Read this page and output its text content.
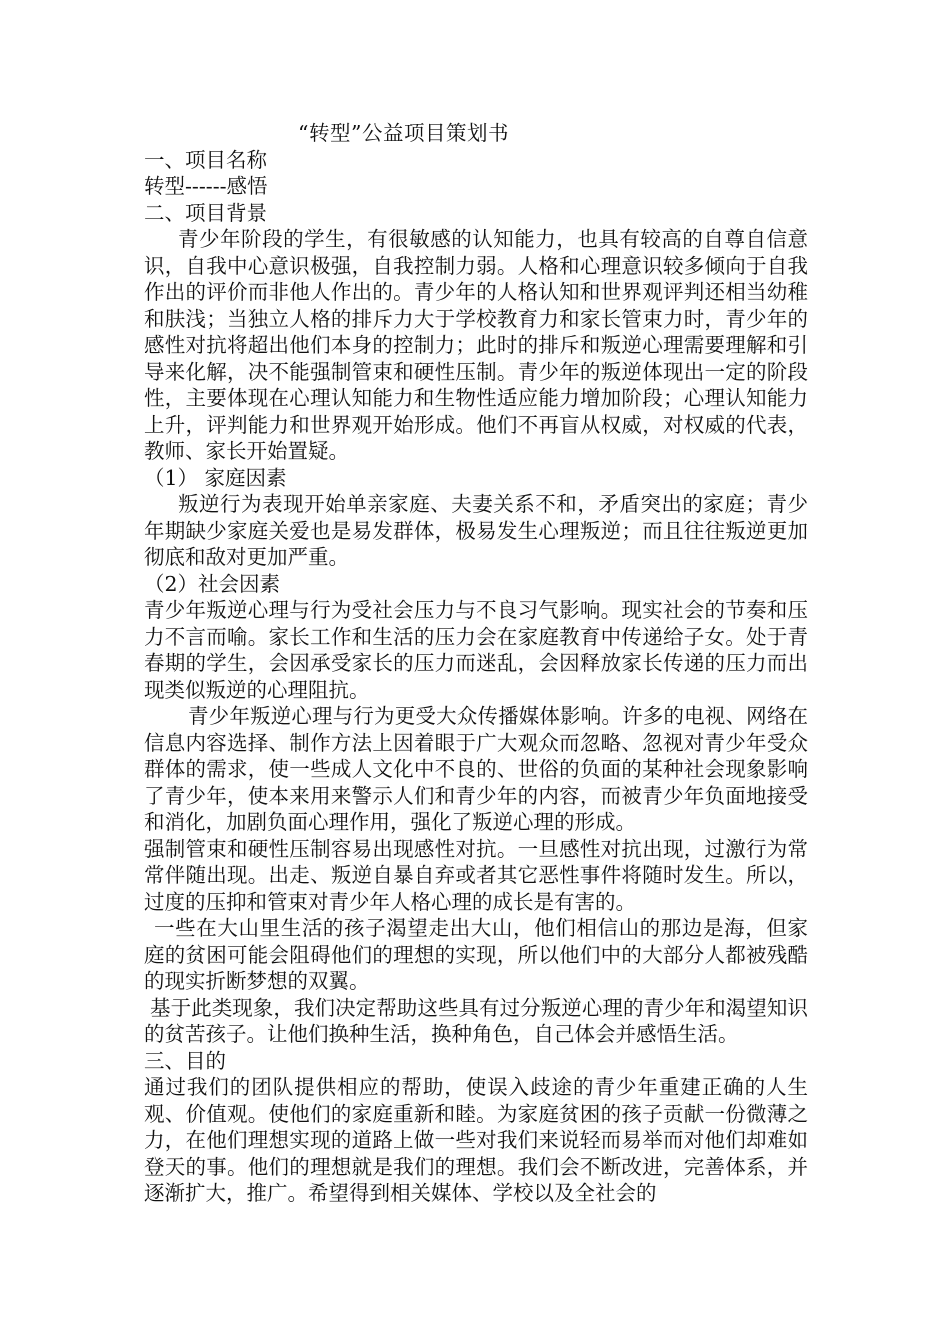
“转型”公益项目策划书
一、项目名称
转型------感悟
二、项目背景

青少年阶段的学生，有很敏感的认知能力，也具有较高的自尊自信意识，自我中心意识极强，自我控制力弱。人格和心理意识较多倾向于自我作出的评价而非他人作出的。青少年的人格认知和世界观评判还相当幼稚和肤浅；当独立人格的排斥力大于学校教育力和家长管束力时，青少年的感性对抗将超出他们本身的控制力；此时的排斥和叛逆心理需要理解和引导来化解，决不能强制管束和硬性压制。青少年的叛逆体现出一定的阶段性，主要体现在心理认知能力和生物性适应能力增加阶段；心理认知能力上升，评判能力和世界观开始形成。他们不再盲从权威，对权威的代表，教师、家长开始置疑。

（1） 家庭因素

叛逆行为表现开始单亲家庭、夫妻关系不和，矛盾突出的家庭；青少年期缺少家庭关爱也是易发群体，极易发生心理叛逆；而且往往叛逆更加彻底和敌对更加严重。

（2）社会因素

青少年叛逆心理与行为受社会压力与不良习气影响。现实社会的节奏和压力不言而喻。家长工作和生活的压力会在家庭教育中传递给子女。处于青春期的学生，会因承受家长的压力而迷乱，会因释放家长传递的压力而出现类似叛逆的心理阻抗。

青少年叛逆心理与行为更受大众传播媒体影响。许多的电视、网络在信息内容选择、制作方法上因着眼于广大观众而忽略、忽视对青少年受众群体的需求，使一些成人文化中不良的、世俗的负面的某种社会现象影响了青少年，使本来用来警示人们和青少年的内容，而被青少年负面地接受和消化，加剧负面心理作用，强化了叛逆心理的形成。

强制管束和硬性压制容易出现感性对抗。一旦感性对抗出现，过激行为常常伴随出现。出走、叛逆自暴自弃或者其它恶性事件将随时发生。所以，过度的压抑和管束对青少年人格心理的成长是有害的。

一些在大山里生活的孩子渴望走出大山，他们相信山的那边是海，但家庭的贫困可能会阻碍他们的理想的实现，所以他们中的大部分人都被残酷的现实折断梦想的双翼。

基于此类现象，我们决定帮助这些具有过分叛逆心理的青少年和渴望知识的贫苦孩子。让他们换种生活，换种角色，自己体会并感悟生活。

三、目的

通过我们的团队提供相应的帮助，使误入歧途的青少年重建正确的人生观、价值观。使他们的家庭重新和睦。为家庭贫困的孩子贡献一份微薄之力，在他们理想实现的道路上做一些对我们来说轻而易举而对他们却难如登天的事。他们的理想就是我们的理想。我们会不断改进，完善体系，并逐渐扩大，推广。希望得到相关媒体、学校以及全社会的
